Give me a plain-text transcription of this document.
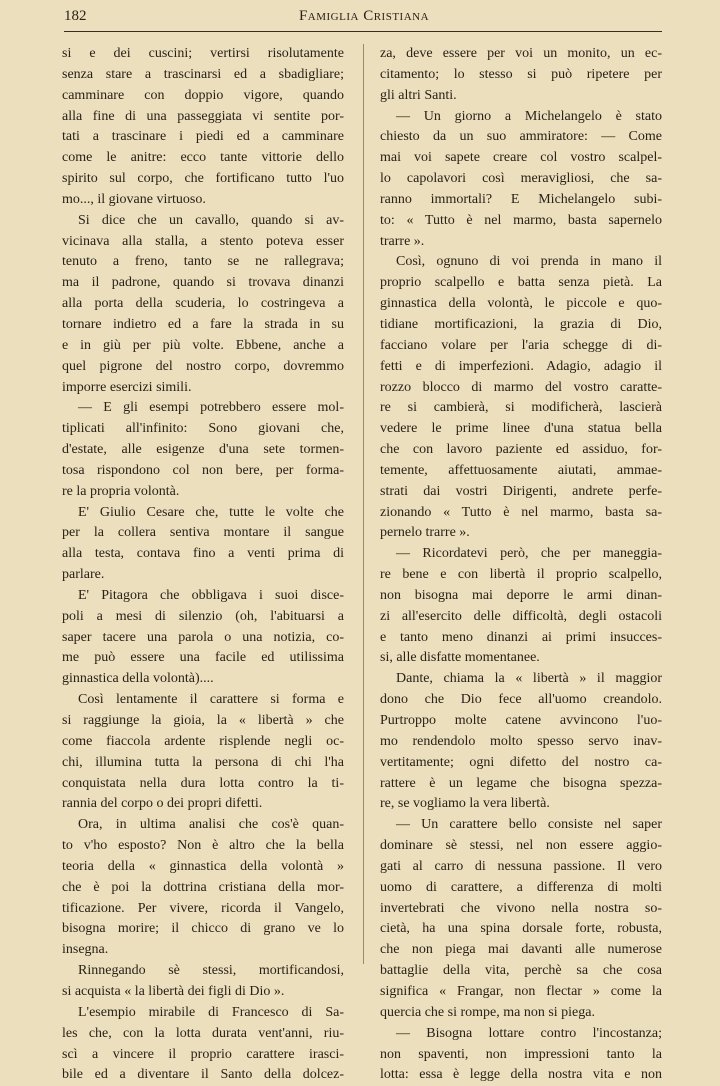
182	Famiglia Cristiana
si e dei cuscini; vertirsi risolutamente
senza stare a trascinarsi ed a sbadigliare;
camminare con doppio vigore, quando
alla fine di una passeggiata vi sentite por-
tati a trascinare i piedi ed a camminare
come le anitre: ecco tante vittorie dello
spirito sul corpo, che fortificano tutto l'uo
mo..., il giovane virtuoso.
Si dice che un cavallo, quando si av-
vicinava alla stalla, a stento poteva esser
tenuto a freno, tanto se ne rallegrava;
ma il padrone, quando si trovava dinanzi
alla porta della scuderia, lo costringeva a
tornare indietro ed a fare la strada in su
e in giù per più volte. Ebbene, anche a
quel pigrone del nostro corpo, dovremmo
imporre esercizi simili.
— E gli esempi potrebbero essere mol-
tiplicati all'infinito: Sono giovani che,
d'estate, alle esigenze d'una sete tormen-
tosa rispondono col non bere, per forma-
re la propria volontà.
E' Giulio Cesare che, tutte le volte che
per la collera sentiva montare il sangue
alla testa, contava fino a venti prima di
parlare.
E' Pitagora che obbligava i suoi disce-
poli a mesi di silenzio (oh, l'abituarsi a
saper tacere una parola o una notizia, co-
me può essere una facile ed utilissima
ginnastica della volontà)....
Così lentamente il carattere si forma e
si raggiunge la gioia, la « libertà » che
come fiaccola ardente risplende negli oc-
chi, illumina tutta la persona di chi l'ha
conquistata nella dura lotta contro la ti-
rannia del corpo o dei propri difetti.
Ora, in ultima analisi che cos'è quan-
to v'ho esposto? Non è altro che la bella
teoria della « ginnastica della volontà »
che è poi la dottrina cristiana della mor-
tificazione. Per vivere, ricorda il Vangelo,
bisogna morire; il chicco di grano ve lo
insegna.
Rinnegando sè stessi, mortificandosi,
si acquista « la libertà dei figli di Dio ».
L'esempio mirabile di Francesco di Sa-
les che, con la lotta durata vent'anni, riu-
scì a vincere il proprio carattere irasci-
bile ed a diventare il Santo della dolcez-
za, deve essere per voi un monito, un ec-
citamento; lo stesso si può ripetere per
gli altri Santi.
— Un giorno a Michelangelo è stato
chiesto da un suo ammiratore: — Come
mai voi sapete creare col vostro scalpel-
lo capolavori così meravigliosi, che sa-
ranno immortali? E Michelangelo subi-
to: « Tutto è nel marmo, basta sapernelo
trarre ».
Così, ognuno di voi prenda in mano il
proprio scalpello e batta senza pietà. La
ginnastica della volontà, le piccole e quo-
tidiane mortificazioni, la grazia di Dio,
facciano volare per l'aria schegge di di-
fetti e di imperfezioni. Adagio, adagio il
rozzo blocco di marmo del vostro caratte-
re si cambierà, si modificherà, lascierà
vedere le prime linee d'una statua bella
che con lavoro paziente ed assiduo, for-
temente, affettuosamente aiutati, ammae-
strati dai vostri Dirigenti, andrete perfe-
zionando « Tutto è nel marmo, basta sa-
pernelo trarre ».
— Ricordatevi però, che per maneggia-
re bene e con libertà il proprio scalpello,
non bisogna mai deporre le armi dinan-
zi all'esercito delle difficoltà, degli ostacoli
e tanto meno dinanzi ai primi insucces-
si, alle disfatte momentanee.
Dante, chiama la « libertà » il maggior
dono che Dio fece all'uomo creandolo.
Purtroppo molte catene avvincono l'uo-
mo rendendolo molto spesso servo inav-
vertitamente; ogni difetto del nostro ca-
rattere è un legame che bisogna spezza-
re, se vogliamo la vera libertà.
— Un carattere bello consiste nel saper
dominare sè stessi, nel non essere aggio-
gati al carro di nessuna passione. Il vero
uomo di carattere, a differenza di molti
invertebrati che vivono nella nostra so-
cietà, ha una spina dorsale forte, robusta,
che non piega mai davanti alle numerose
battaglie della vita, perchè sa che cosa
significa « Frangar, non flectar » come la
quercia che si rompe, ma non si piega.
— Bisogna lottare contro l'incostanza;
non spaventi, non impressioni tanto la
lotta: essa è legge della nostra vita e non
